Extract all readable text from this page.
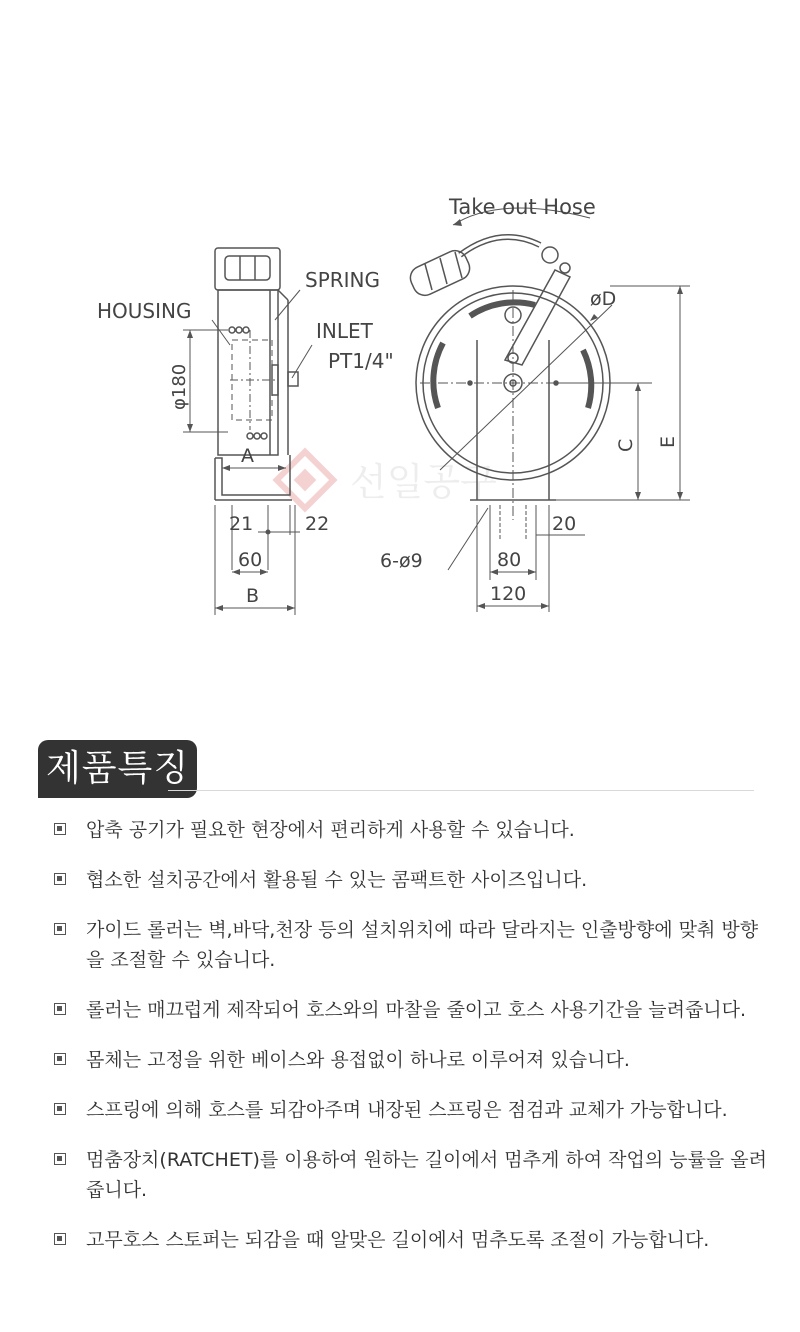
선일공구
HOUSING
SPRING
INLET
PT1/4"
φ180
A
21	22
60
B
Take out Hose
øD
C E
20
6-ø9	80
120
제품특징
압축 공기가 필요한 현장에서 편리하게 사용할 수 있습니다.
협소한 설치공간에서 활용될 수 있는 콤팩트한 사이즈입니다.
가이드 롤러는 벽,바닥,천장 등의 설치위치에 따라 달라지는 인출방향에 맞춰 방향을 조절할 수 있습니다.
롤러는 매끄럽게 제작되어 호스와의 마찰을 줄이고 호스 사용기간을 늘려줍니다.
몸체는 고정을 위한 베이스와 용접없이 하나로 이루어져 있습니다.
스프링에 의해 호스를 되감아주며 내장된 스프링은 점검과 교체가 가능합니다.
멈춤장치(RATCHET)를 이용하여 원하는 길이에서 멈추게 하여 작업의 능률을 올려줍니다.
고무호스 스토퍼는 되감을 때 알맞은 길이에서 멈추도록 조절이 가능합니다.
